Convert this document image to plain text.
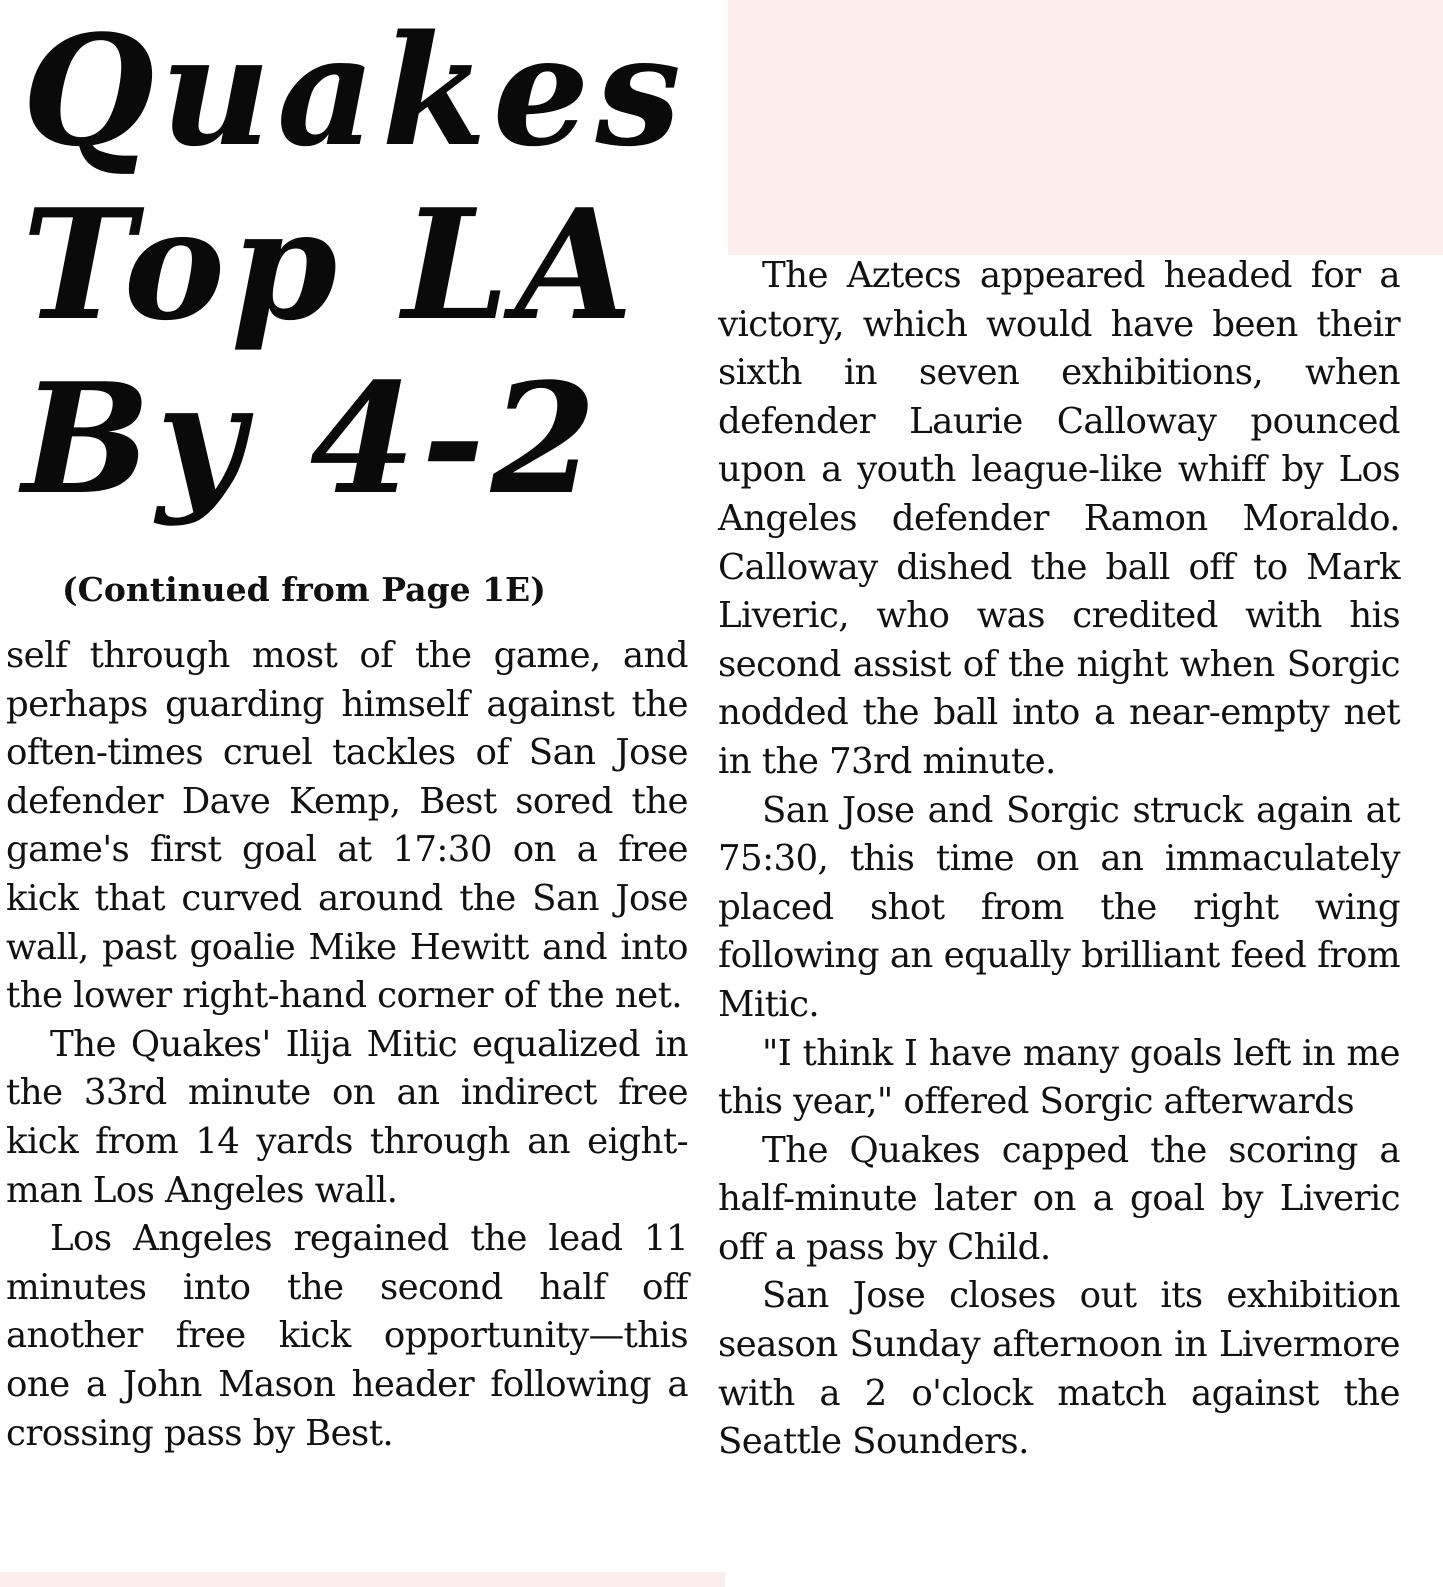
Quakes
Top LA
By 4-2
(Continued from Page 1E)

self through most of the game, and perhaps guarding himself against the often-times cruel tackles of San Jose defender Dave Kemp, Best sored the game's first goal at 17:30 on a free kick that curved around the San Jose wall, past goalie Mike Hewitt and into the lower right-hand corner of the net.

The Quakes' Ilija Mitic equalized in the 33rd minute on an indirect free kick from 14 yards through an eight-man Los Angeles wall.

Los Angeles regained the lead 11 minutes into the second half off another free kick opportunity—this one a John Mason header following a crossing pass by Best.

The Aztecs appeared headed for a victory, which would have been their sixth in seven exhibitions, when defender Laurie Calloway pounced upon a youth league-like whiff by Los Angeles defender Ramon Moraldo. Calloway dished the ball off to Mark Liveric, who was credited with his second assist of the night when Sorgic nodded the ball into a near-empty net in the 73rd minute.

San Jose and Sorgic struck again at 75:30, this time on an immaculately placed shot from the right wing following an equally brilliant feed from Mitic.

"I think I have many goals left in me this year," offered Sorgic afterwards

The Quakes capped the scoring a half-minute later on a goal by Liveric off a pass by Child.

San Jose closes out its exhibition season Sunday afternoon in Livermore with a 2 o'clock match against the Seattle Sounders.
